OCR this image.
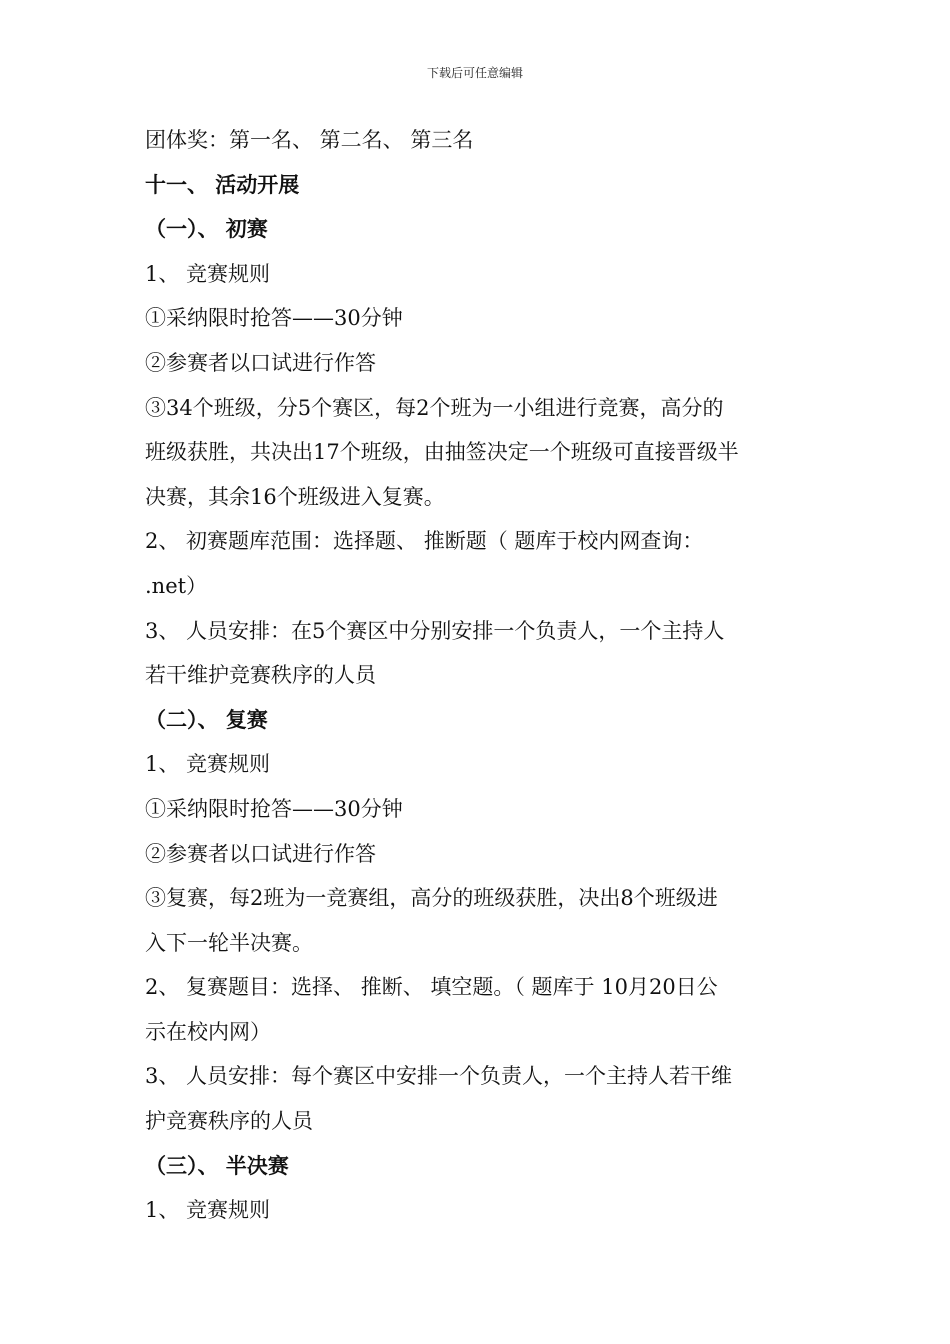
下载后可任意编辑
团体奖：第一名、 第二名、 第三名
十一、 活动开展
（一）、 初赛
1、 竞赛规则
①采纳限时抢答——30分钟
②参赛者以口试进行作答
③34个班级，分5个赛区，每2个班为一小组进行竞赛，高分的
班级获胜，共决出17个班级，由抽签决定一个班级可直接晋级半
决赛，其余16个班级进入复赛。
2、 初赛题库范围：选择题、 推断题（ 题库于校内网查询：
.net）
3、 人员安排：在5个赛区中分别安排一个负责人，一个主持人
若干维护竞赛秩序的人员
（二）、 复赛
1、 竞赛规则
①采纳限时抢答——30分钟
②参赛者以口试进行作答
③复赛，每2班为一竞赛组，高分的班级获胜，决出8个班级进
入下一轮半决赛。
2、 复赛题目：选择、 推断、 填空题。（ 题库于 10月20日公
示在校内网）
3、 人员安排：每个赛区中安排一个负责人，一个主持人若干维
护竞赛秩序的人员
（三）、 半决赛
1、 竞赛规则
